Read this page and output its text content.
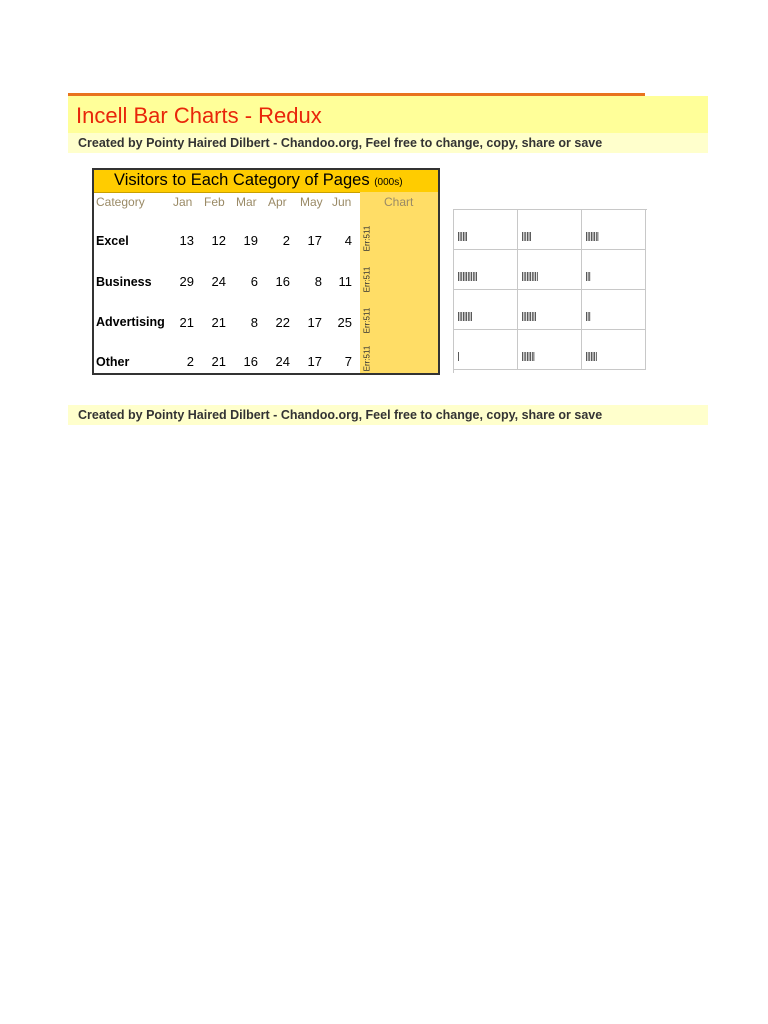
Incell Bar Charts - Redux
Created by Pointy Haired Dilbert - Chandoo.org, Feel free to change, copy, share or save
Visitors to Each Category of Pages (000s)
Category Jan Feb Mar Apr May Jun	Chart
Excel	13	12	19	2	17	4 Err:511
Business	29	24	6	16	8	11 Err:511
Advertising	21	21	8	22	17	25 Err:511
Other	2	21	16	24	17	7 Err:511
||||||	||||||	||||||||
||||||||||||	||||||||||	|||
|||||||||	|||||||||	|||
|	||||||||	|||||||
Created by Pointy Haired Dilbert - Chandoo.org, Feel free to change, copy, share or save
